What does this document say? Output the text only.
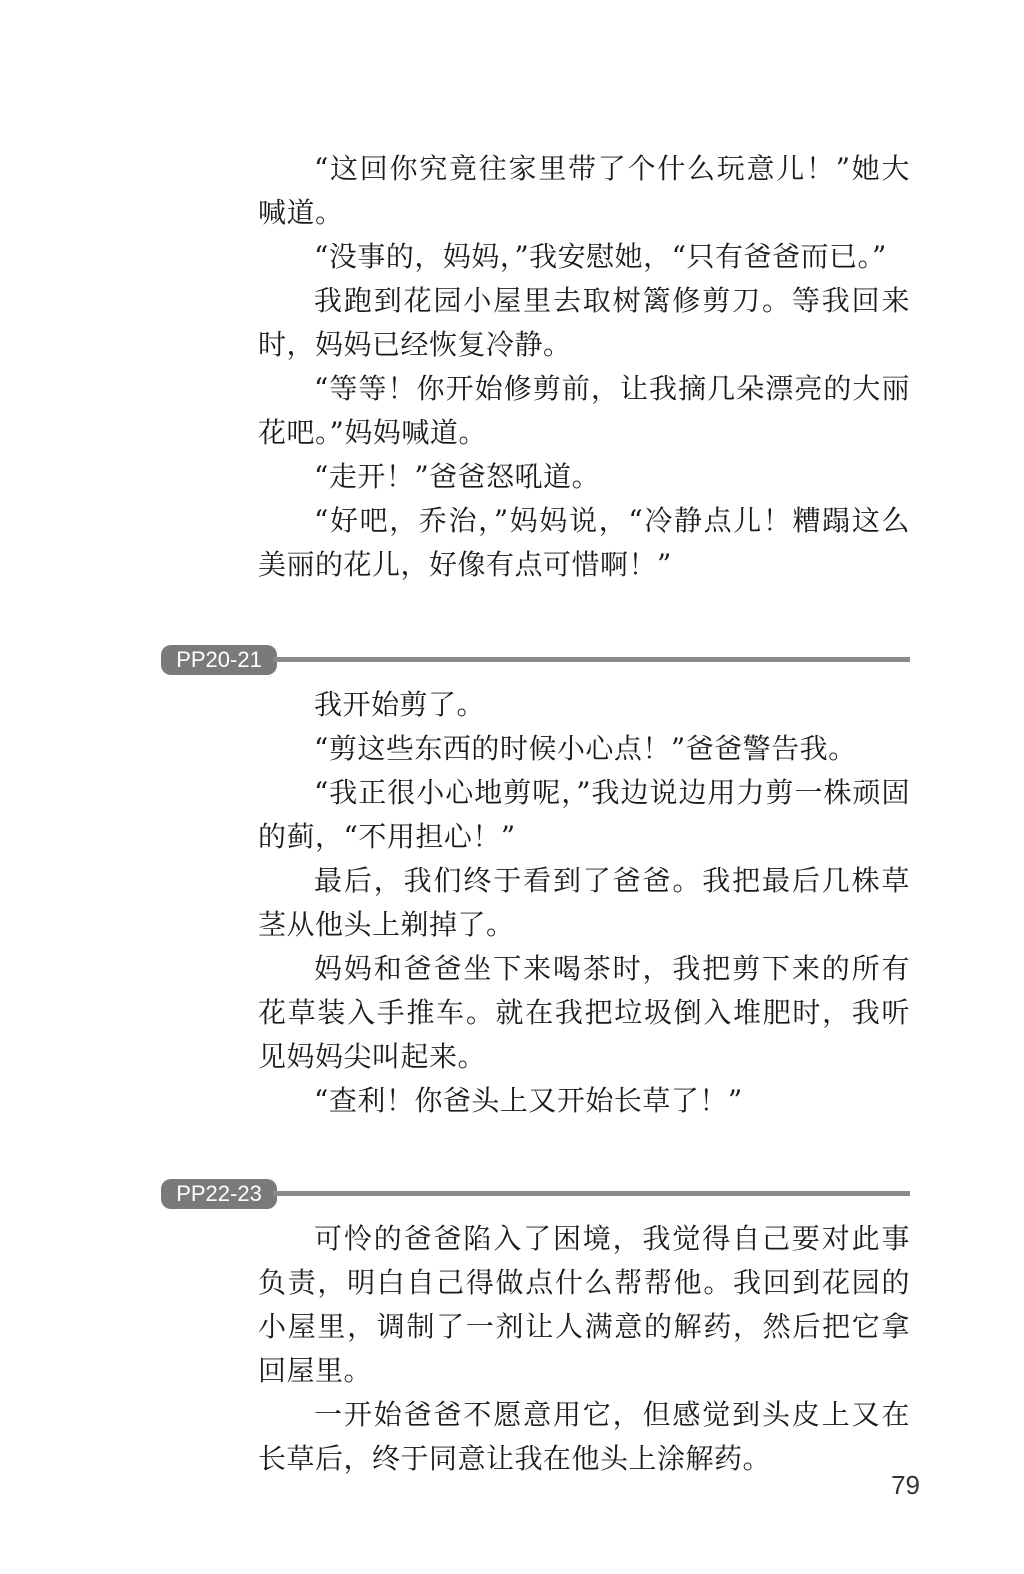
“这回你究竟往家里带了个什么玩意儿！”她大喊道。

“没事的，妈妈，”我安慰她，“只有爸爸而已。”

我跑到花园小屋里去取树篱修剪刀。等我回来时，妈妈已经恢复冷静。

“等等！你开始修剪前，让我摘几朵漂亮的大丽花吧。”妈妈喊道。

“走开！”爸爸怒吼道。

“好吧，乔治，”妈妈说，“冷静点儿！糟蹋这么美丽的花儿，好像有点可惜啊！”

PP20-21

我开始剪了。

“剪这些东西的时候小心点！”爸爸警告我。

“我正很小心地剪呢，”我边说边用力剪一株顽固的蓟，“不用担心！”

最后，我们终于看到了爸爸。我把最后几株草茎从他头上剃掉了。

妈妈和爸爸坐下来喝茶时，我把剪下来的所有花草装入手推车。就在我把垃圾倒入堆肥时，我听见妈妈尖叫起来。

“查利！你爸头上又开始长草了！”

PP22-23

可怜的爸爸陷入了困境，我觉得自己要对此事负责，明白自己得做点什么帮帮他。我回到花园的小屋里，调制了一剂让人满意的解药，然后把它拿回屋里。

一开始爸爸不愿意用它，但感觉到头皮上又在长草后，终于同意让我在他头上涂解药。

79
